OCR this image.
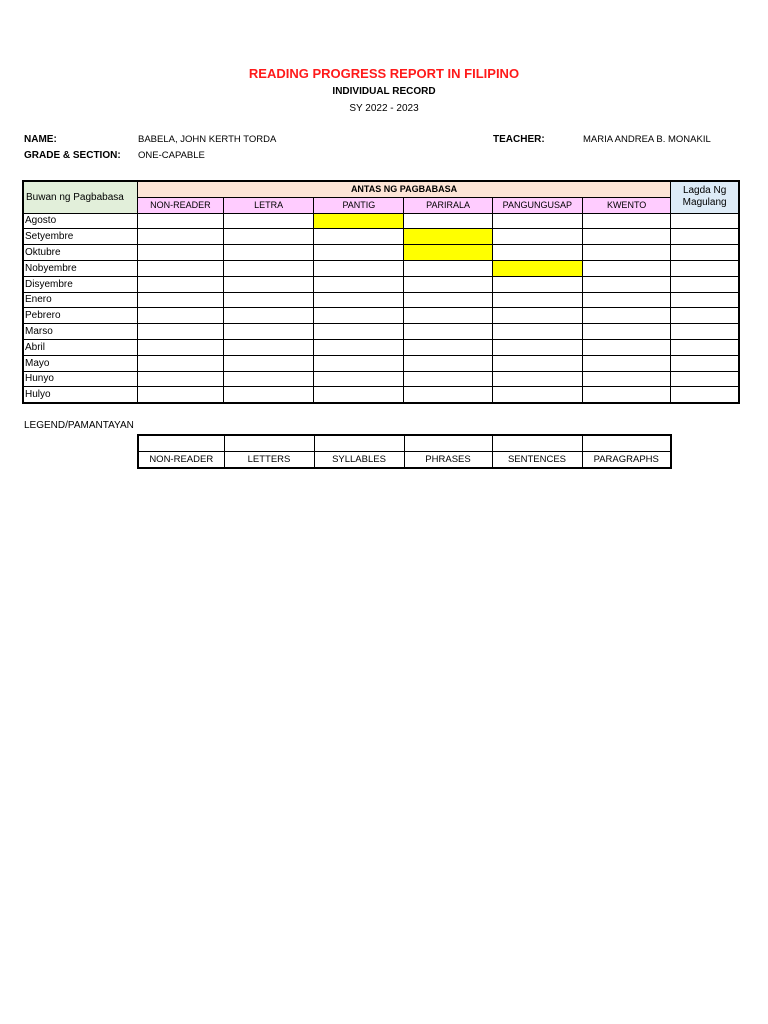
READING PROGRESS REPORT IN FILIPINO
INDIVIDUAL RECORD
SY 2022 - 2023
NAME:	BABELA, JOHN KERTH TORDA	TEACHER:	MARIA ANDREA B. MONAKIL
GRADE & SECTION: ONE-CAPABLE
Buwan ng Pagbabasa	ANTAS NG PAGBABASA						Lagda Ng Magulang
	NON-READER	LETRA	PANTIG	PARIRALA	PANGUNGUSAP	KWENTO	
Agosto							
Setyembre							
Oktubre							
Nobyembre							
Disyembre							
Enero							
Pebrero							
Marso							
Abril							
Mayo							
Hunyo							
Hulyo							
LEGEND/PAMANTAYAN

NON-READER	LETTERS	SYLLABLES	PHRASES	SENTENCES	PARAGRAPHS
